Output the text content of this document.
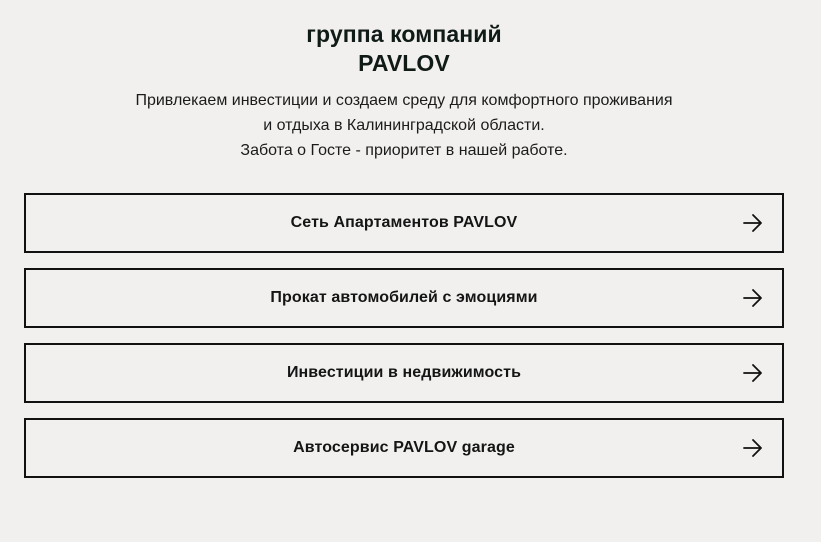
группа компаний
PAVLOV
Привлекаем инвестиции и создаем среду для комфортного проживания
и отдыха в Калининградской области.
Забота о Госте - приоритет в нашей работе.
Сеть Апартаментов PAVLOV
Прокат автомобилей с эмоциями
Инвестиции в недвижимость
Автосервис PAVLOV garage
